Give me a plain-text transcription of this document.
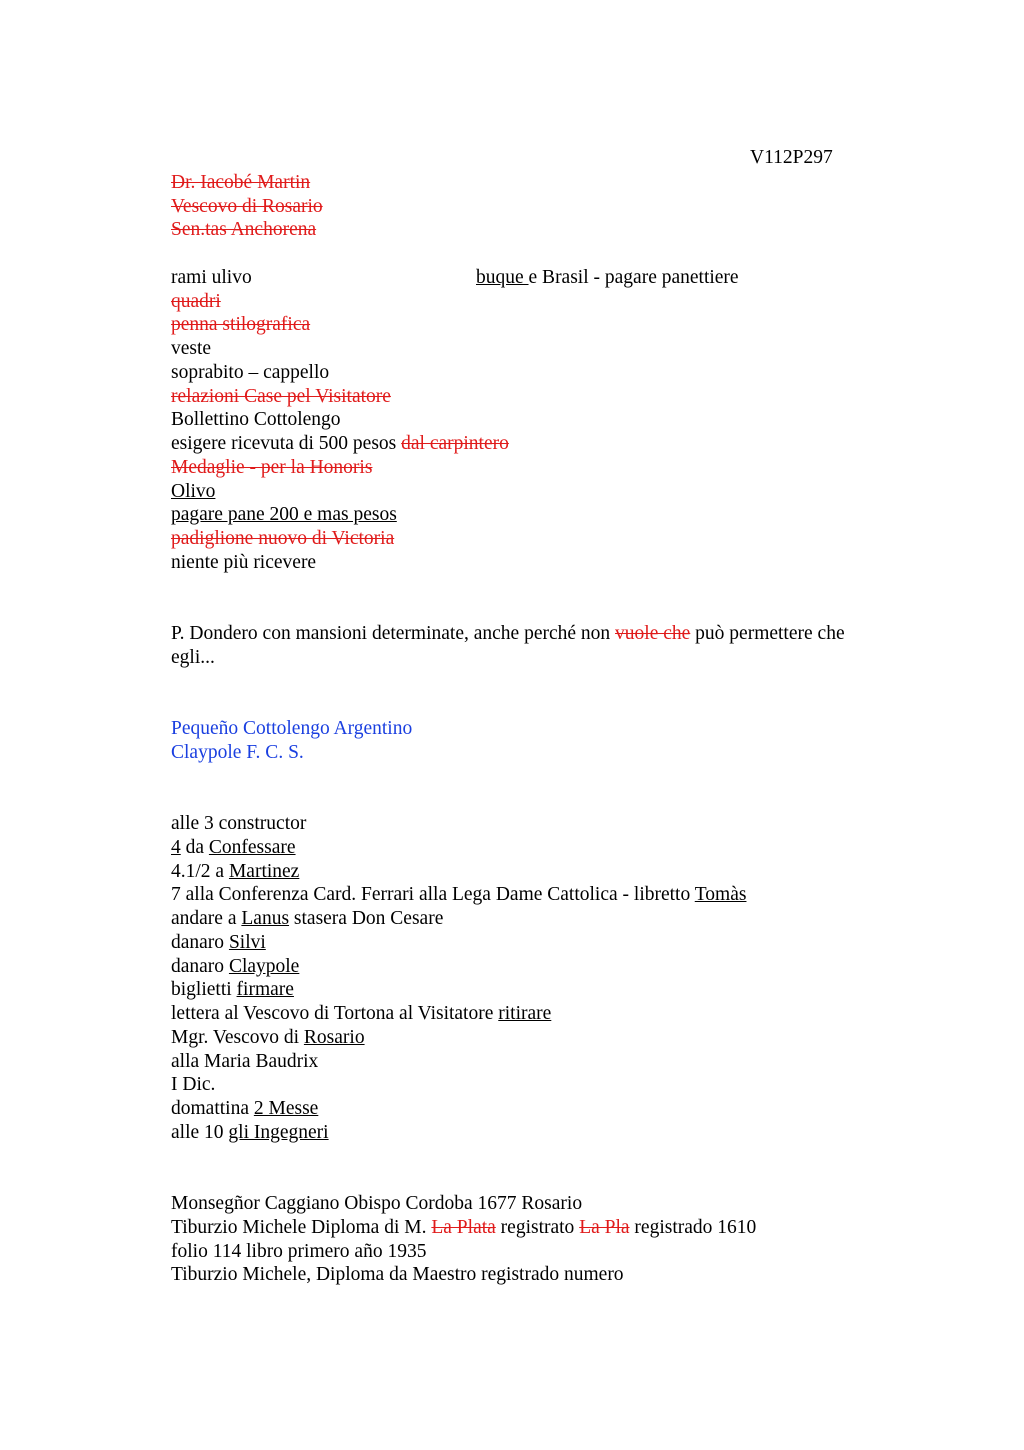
V112P297
Dr. Iacobé Martin
Vescovo di Rosario
Sen.tas Anchorena
rami ulivo	buque e Brasil - pagare panettiere
quadri
penna stilografica
veste
soprabito – cappello
relazioni Case pel Visitatore
Bollettino Cottolengo
esigere ricevuta di 500 pesos dal carpintero
Medaglie - per la Honoris
Olivo
pagare pane 200 e mas pesos
padiglione nuovo di Victoria
niente più ricevere
P. Dondero con mansioni determinate, anche perché non vuole che può permettere che
egli...
Pequeño Cottolengo Argentino
Claypole F. C. S.
alle 3 constructor
4 da Confessare
4.1/2 a Martinez
7 alla Conferenza Card. Ferrari alla Lega Dame Cattolica - libretto Tomàs
andare a Lanus stasera Don Cesare
danaro Silvi
danaro Claypole
biglietti firmare
lettera al Vescovo di Tortona al Visitatore ritirare
Mgr. Vescovo di Rosario
alla Maria Baudrix
I Dic.
domattina 2 Messe
alle 10 gli Ingegneri
Monsegñor Caggiano Obispo Cordoba 1677 Rosario
Tiburzio Michele Diploma di M. La Plata registrato La Pla registrado 1610
folio 114 libro primero año 1935
Tiburzio Michele, Diploma da Maestro registrado numero
